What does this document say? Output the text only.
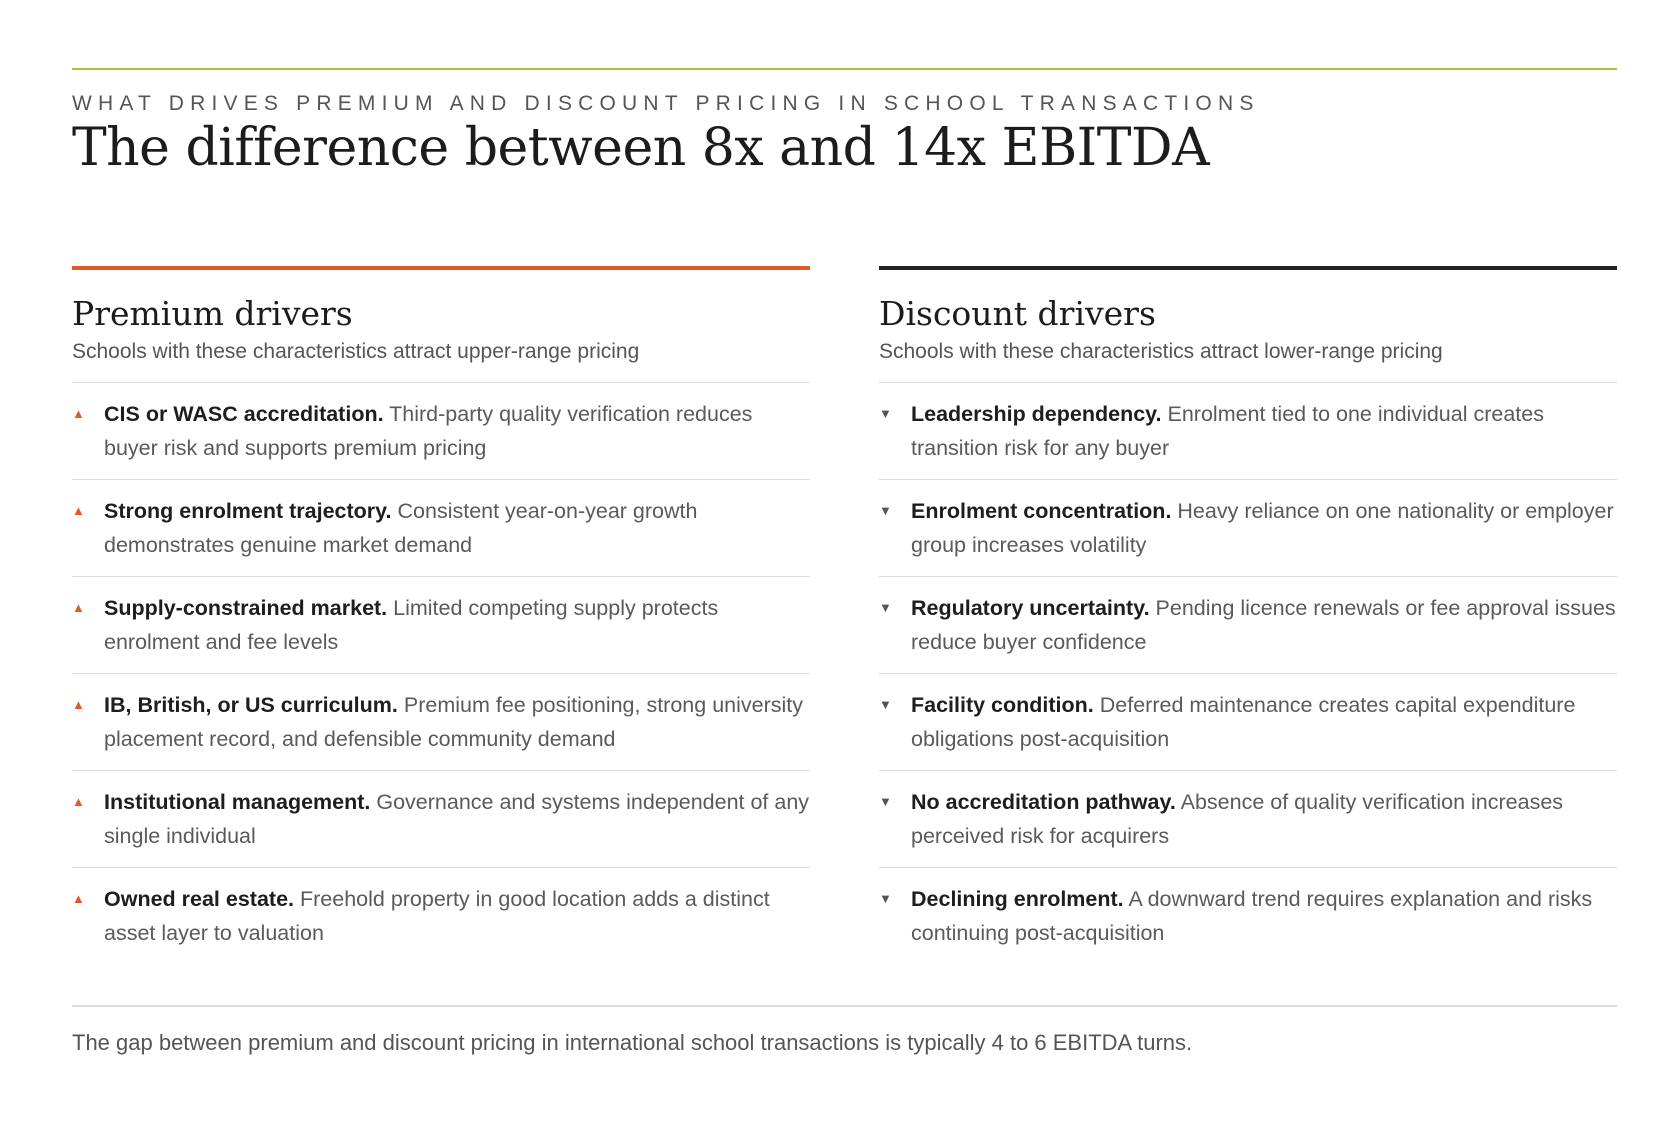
WHAT DRIVES PREMIUM AND DISCOUNT PRICING IN SCHOOL TRANSACTIONS
The difference between 8x and 14x EBITDA
Premium drivers
Schools with these characteristics attract upper-range pricing
▲ CIS or WASC accreditation. Third-party quality verification reduces buyer risk and supports premium pricing
▲ Strong enrolment trajectory. Consistent year-on-year growth demonstrates genuine market demand
▲ Supply-constrained market. Limited competing supply protects enrolment and fee levels
▲ IB, British, or US curriculum. Premium fee positioning, strong university placement record, and defensible community demand
▲ Institutional management. Governance and systems independent of any single individual
▲ Owned real estate. Freehold property in good location adds a distinct asset layer to valuation
Discount drivers
Schools with these characteristics attract lower-range pricing
▼ Leadership dependency. Enrolment tied to one individual creates transition risk for any buyer
▼ Enrolment concentration. Heavy reliance on one nationality or employer group increases volatility
▼ Regulatory uncertainty. Pending licence renewals or fee approval issues reduce buyer confidence
▼ Facility condition. Deferred maintenance creates capital expenditure obligations post-acquisition
▼ No accreditation pathway. Absence of quality verification increases perceived risk for acquirers
▼ Declining enrolment. A downward trend requires explanation and risks continuing post-acquisition
The gap between premium and discount pricing in international school transactions is typically 4 to 6 EBITDA turns.
